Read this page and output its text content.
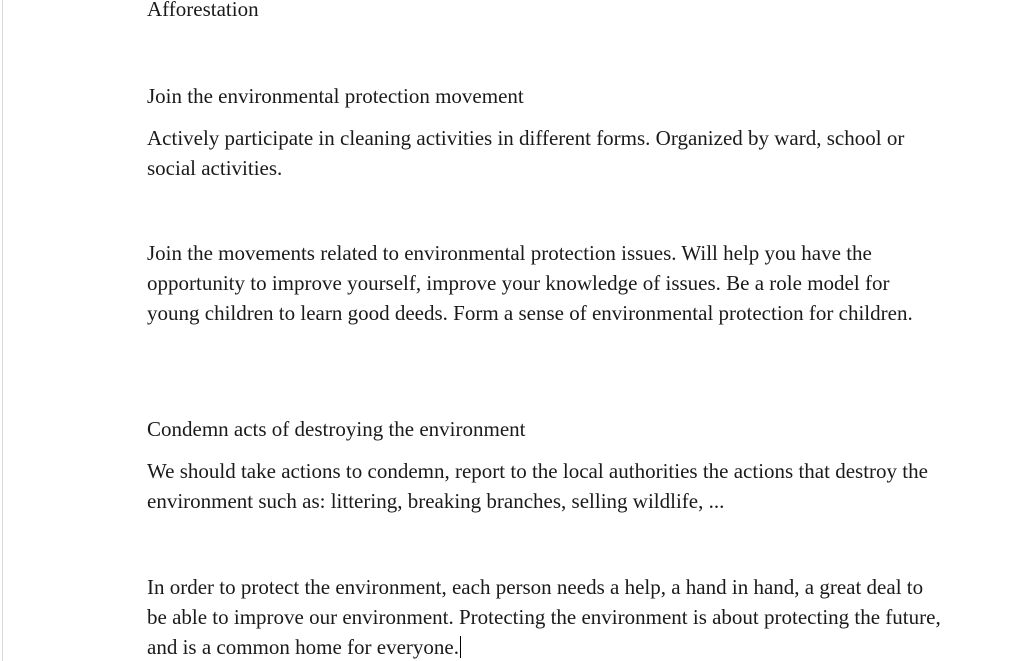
Afforestation

Join the environmental protection movement

Actively participate in cleaning activities in different forms. Organized by ward, school or social activities.

Join the movements related to environmental protection issues. Will help you have the opportunity to improve yourself, improve your knowledge of issues. Be a role model for young children to learn good deeds. Form a sense of environmental protection for children.

Condemn acts of destroying the environment

We should take actions to condemn, report to the local authorities the actions that destroy the environment such as: littering, breaking branches, selling wildlife, ...

In order to protect the environment, each person needs a help, a hand in hand, a great deal to be able to improve our environment. Protecting the environment is about protecting the future, and is a common home for everyone.
